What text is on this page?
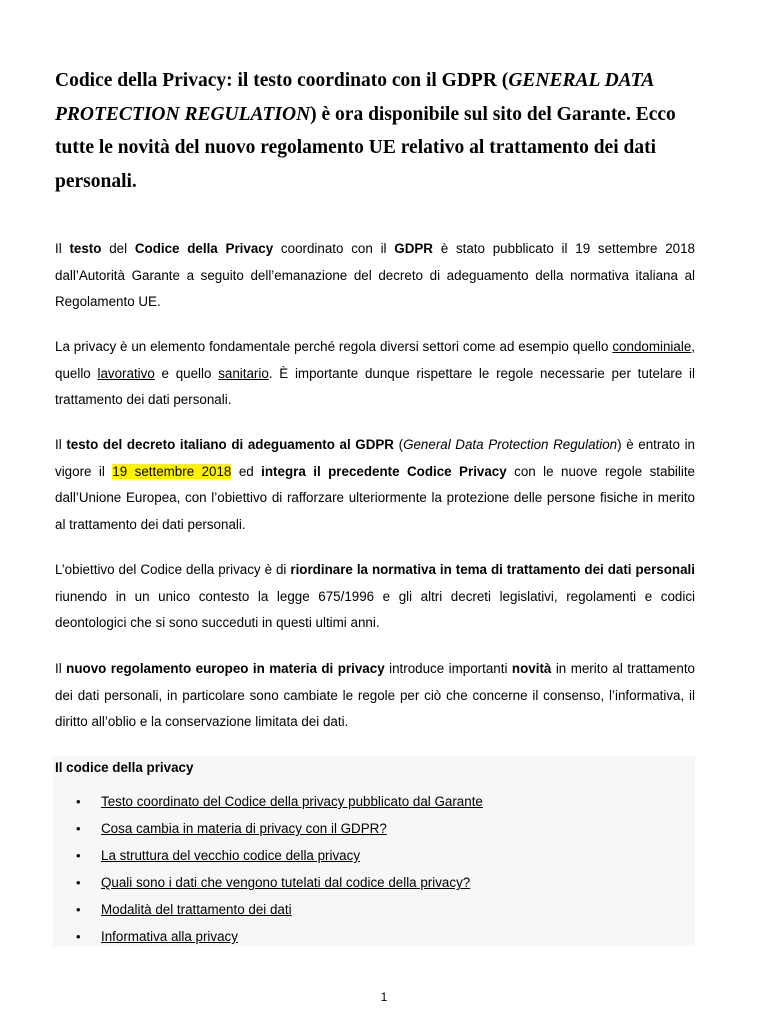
Codice della Privacy: il testo coordinato con il GDPR (GENERAL DATA PROTECTION REGULATION) è ora disponibile sul sito del Garante. Ecco tutte le novità del nuovo regolamento UE relativo al trattamento dei dati personali.

Il testo del Codice della Privacy coordinato con il GDPR è stato pubblicato il 19 settembre 2018 dall’Autorità Garante a seguito dell’emanazione del decreto di adeguamento della normativa italiana al Regolamento UE.

La privacy è un elemento fondamentale perché regola diversi settori come ad esempio quello condominiale, quello lavorativo e quello sanitario. È importante dunque rispettare le regole necessarie per tutelare il trattamento dei dati personali.

Il testo del decreto italiano di adeguamento al GDPR (General Data Protection Regulation) è entrato in vigore il 19 settembre 2018 ed integra il precedente Codice Privacy con le nuove regole stabilite dall’Unione Europea, con l’obiettivo di rafforzare ulteriormente la protezione delle persone fisiche in merito al trattamento dei dati personali.

L’obiettivo del Codice della privacy è di riordinare la normativa in tema di trattamento dei dati personali riunendo in un unico contesto la legge 675/1996 e gli altri decreti legislativi, regolamenti e codici deontologici che si sono succeduti in questi ultimi anni.

Il nuovo regolamento europeo in materia di privacy introduce importanti novità in merito al trattamento dei dati personali, in particolare sono cambiate le regole per ciò che concerne il consenso, l’informativa, il diritto all’oblio e la conservazione limitata dei dati.

Il codice della privacy

• Testo coordinato del Codice della privacy pubblicato dal Garante
• Cosa cambia in materia di privacy con il GDPR?
• La struttura del vecchio codice della privacy
• Quali sono i dati che vengono tutelati dal codice della privacy?
• Modalità del trattamento dei dati
• Informativa alla privacy
1
